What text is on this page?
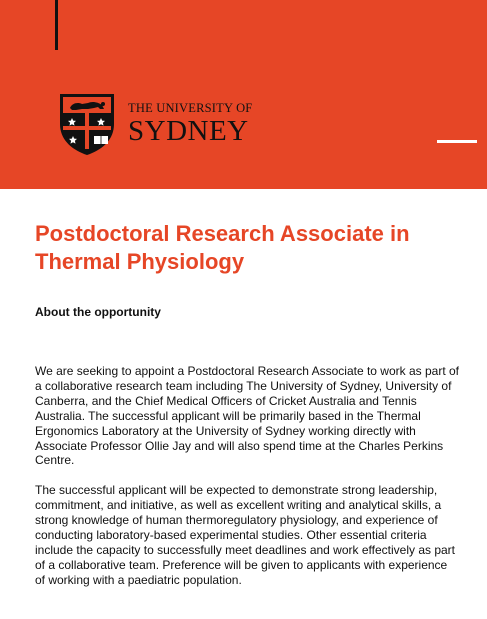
THE UNIVERSITY OF
SYDNEY
Postdoctoral Research Associate in Thermal Physiology

About the opportunity

We are seeking to appoint a Postdoctoral Research Associate to work as part of a collaborative research team including The University of Sydney, University of Canberra, and the Chief Medical Officers of Cricket Australia and Tennis Australia. The successful applicant will be primarily based in the Thermal Ergonomics Laboratory at the University of Sydney working directly with Associate Professor Ollie Jay and will also spend time at the Charles Perkins Centre.

The successful applicant will be expected to demonstrate strong leadership, commitment, and initiative, as well as excellent writing and analytical skills, a strong knowledge of human thermoregulatory physiology, and experience of conducting laboratory-based experimental studies. Other essential criteria include the capacity to successfully meet deadlines and work effectively as part of a collaborative team. Preference will be given to applicants with experience of working with a paediatric population.
